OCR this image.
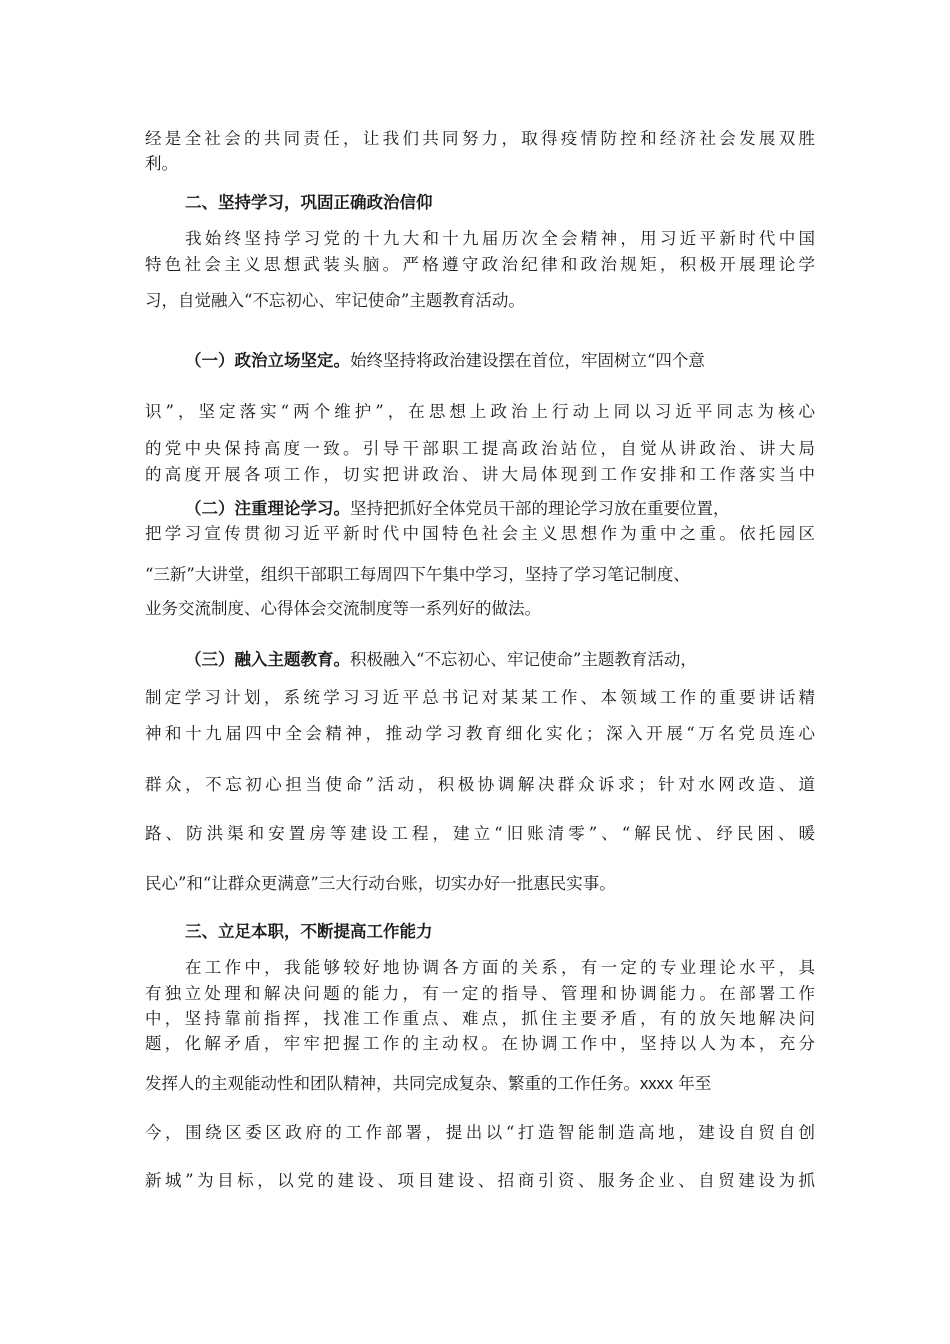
经是全社会的共同责任，让我们共同努力，取得疫情防控和经济社会发展双胜
利。
二、坚持学习，巩固正确政治信仰
我始终坚持学习党的十九大和十九届历次全会精神，用习近平新时代中国
特色社会主义思想武装头脑。严格遵守政治纪律和政治规矩，积极开展理论学
习，自觉融入“不忘初心、牢记使命”主题教育活动。
（一）政治立场坚定。始终坚持将政治建设摆在首位，牢固树立“四个意
识”，坚定落实“两个维护”，在思想上政治上行动上同以习近平同志为核心
的党中央保持高度一致。引导干部职工提高政治站位，自觉从讲政治、讲大局
的高度开展各项工作，切实把讲政治、讲大局体现到工作安排和工作落实当中
（二）注重理论学习。坚持把抓好全体党员干部的理论学习放在重要位置，
把学习宣传贯彻习近平新时代中国特色社会主义思想作为重中之重。依托园区
“三新”大讲堂，组织干部职工每周四下午集中学习，坚持了学习笔记制度、
业务交流制度、心得体会交流制度等一系列好的做法。
（三）融入主题教育。积极融入“不忘初心、牢记使命”主题教育活动，
制定学习计划，系统学习习近平总书记对某某工作、本领域工作的重要讲话精
神和十九届四中全会精神，推动学习教育细化实化；深入开展“万名党员连心
群众，不忘初心担当使命”活动，积极协调解决群众诉求；针对水网改造、道
路、防洪渠和安置房等建设工程，建立“旧账清零”、“解民忧、纾民困、暖
民心”和“让群众更满意”三大行动台账，切实办好一批惠民实事。
三、立足本职，不断提高工作能力
在工作中，我能够较好地协调各方面的关系，有一定的专业理论水平，具
有独立处理和解决问题的能力，有一定的指导、管理和协调能力。在部署工作
中，坚持靠前指挥，找准工作重点、难点，抓住主要矛盾，有的放矢地解决问
题，化解矛盾，牢牢把握工作的主动权。在协调工作中，坚持以人为本，充分
发挥人的主观能动性和团队精神，共同完成复杂、繁重的工作任务。xxxx 年至
今，围绕区委区政府的工作部署，提出以“打造智能制造高地，建设自贸自创
新城”为目标，以党的建设、项目建设、招商引资、服务企业、自贸建设为抓
